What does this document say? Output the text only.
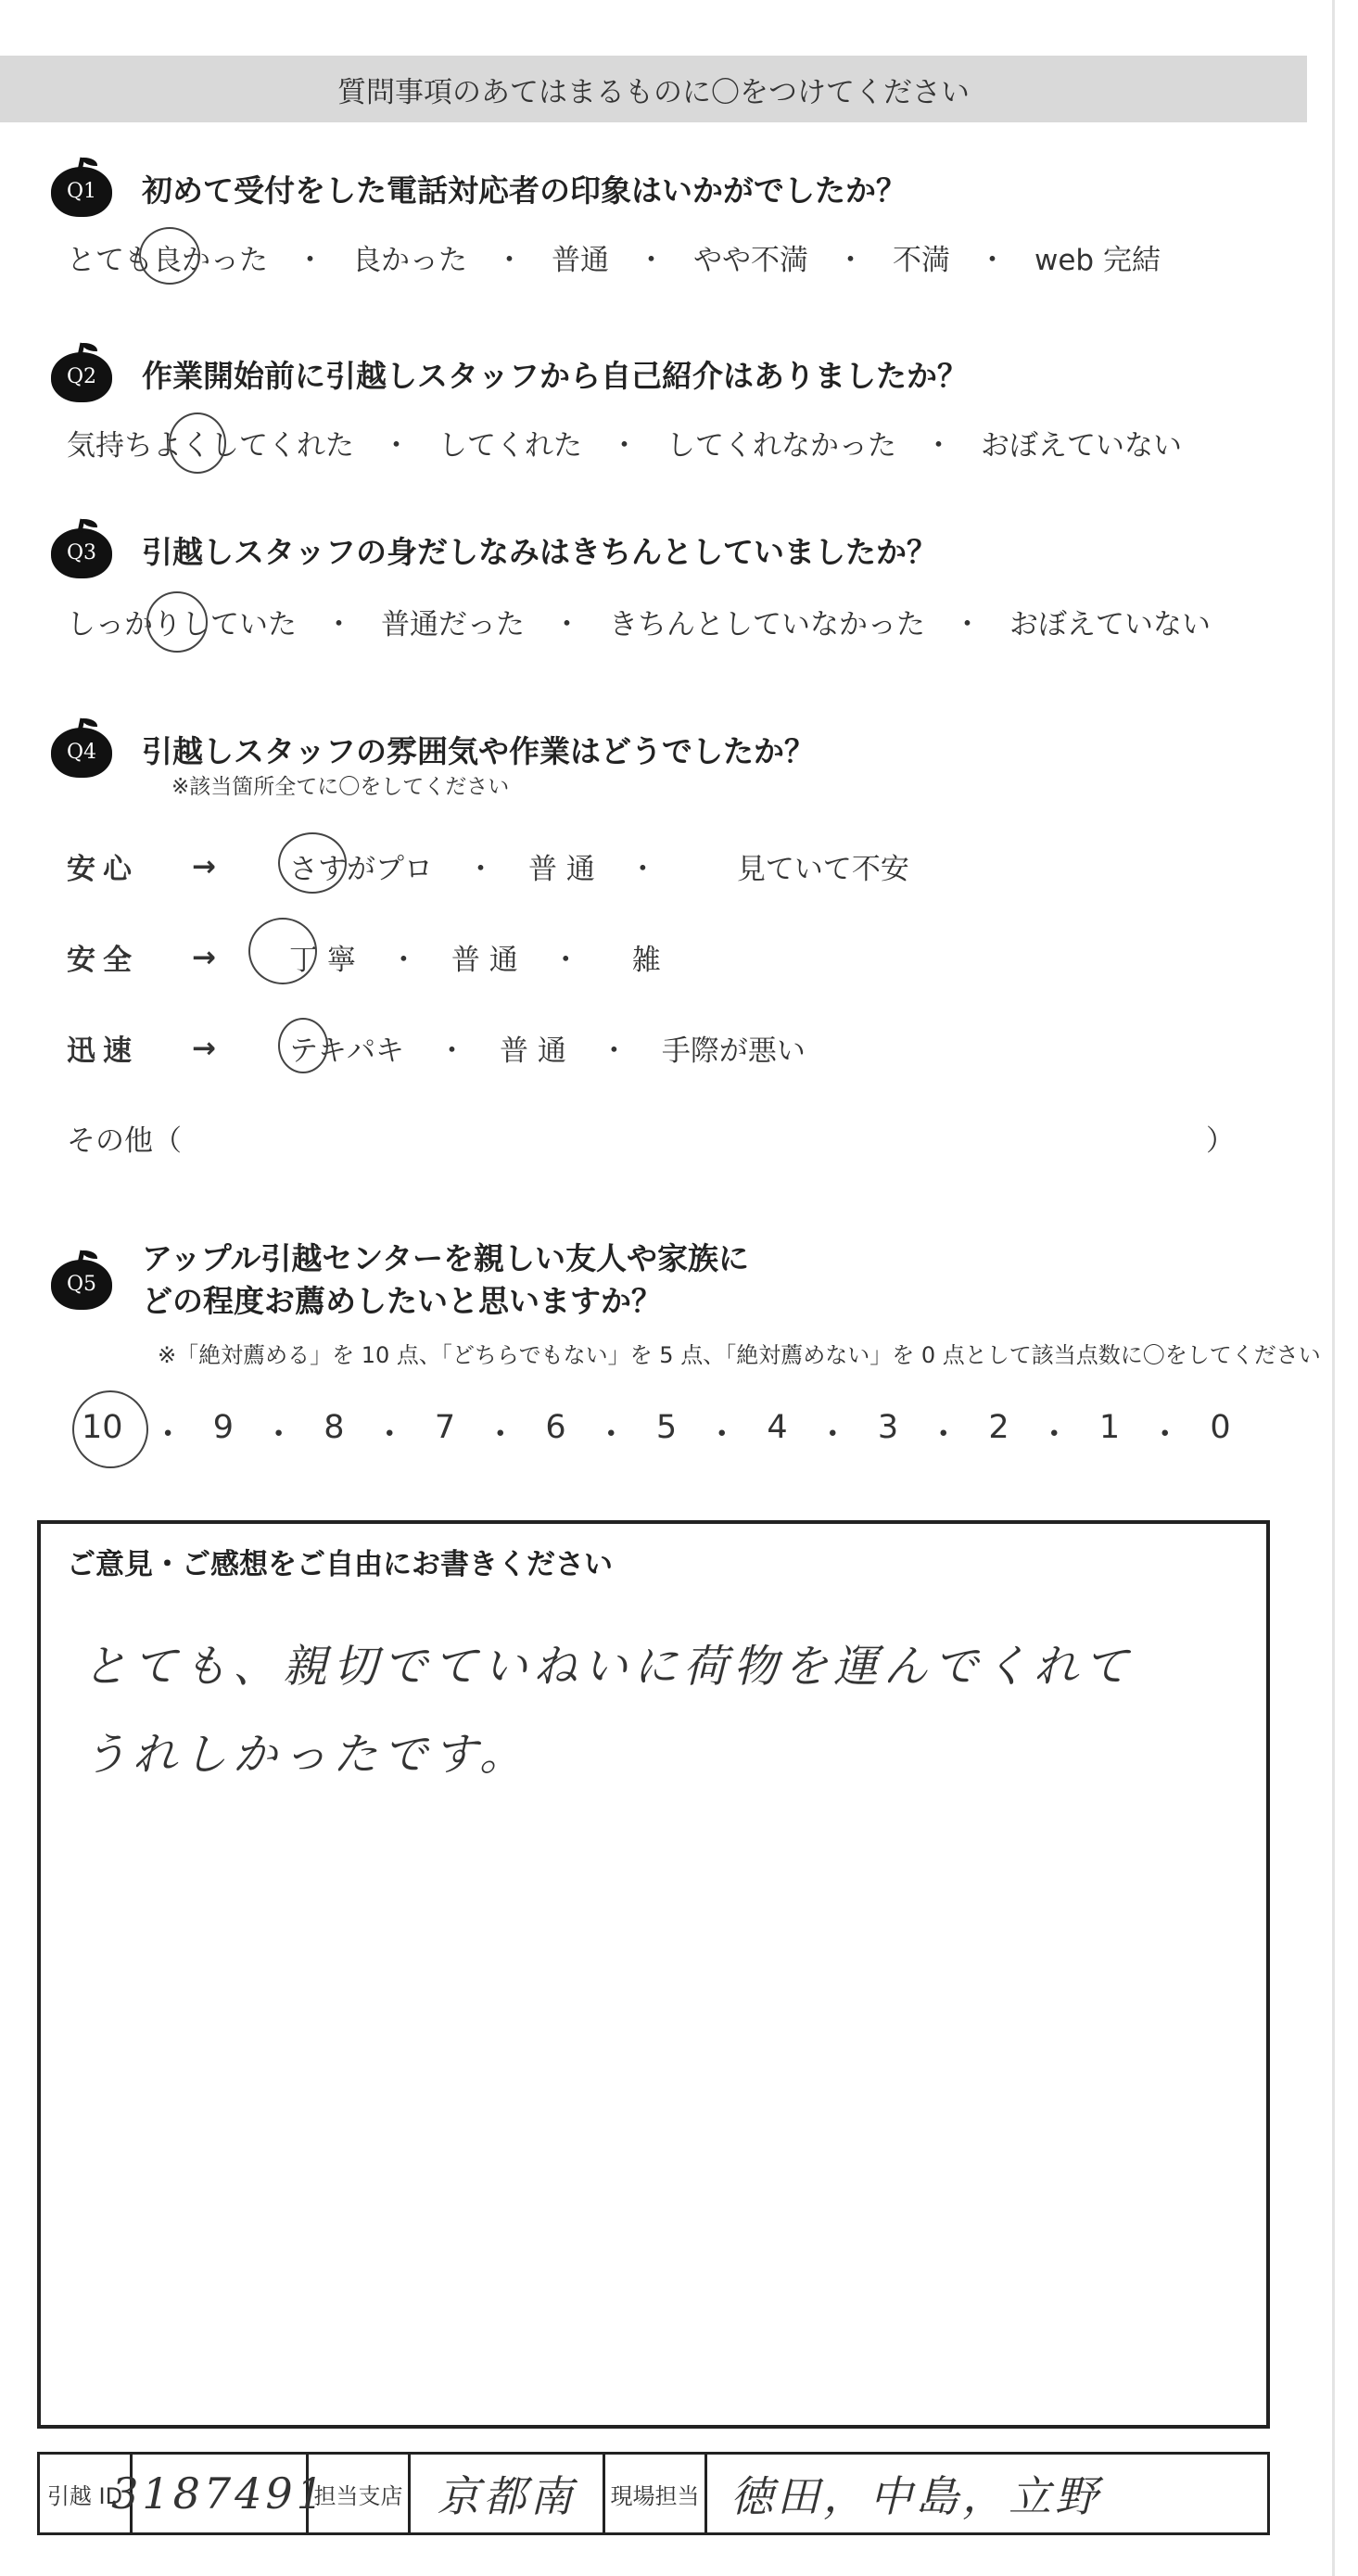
質問事項のあてはまるものに〇をつけてください
Q1	初めて受付をした電話対応者の印象はいかがでしたか？
とても良かった ・ 良かった ・ 普通 ・ やや不満 ・ 不満 ・ web 完結
Q2	作業開始前に引越しスタッフから自己紹介はありましたか？
気持ちよくしてくれた ・ してくれた ・ してくれなかった ・ おぼえていない
Q3	引越しスタッフの身だしなみはきちんとしていましたか？
しっかりしていた ・ 普通だった ・ きちんとしていなかった ・ おぼえていない
Q4	引越しスタッフの雰囲気や作業はどうでしたか？
※該当箇所全てに〇をしてください
安心	→	さすがプロ ・ 普 通 ・	見ていて不安
安全	→	丁 寧 ・ 普 通 ・ 雑
迅速	→	テキパキ ・ 普 通 ・ 手際が悪い
その他（	）
Q5
アップル引越センターを親しい友人や家族に
どの程度お薦めしたいと思いますか？
※「絶対薦める」を 10 点、「どちらでもない」を 5 点、「絶対薦めない」を 0 点として該当点数に〇をしてください
10 ・ 9 ・ 8 ・ 7 ・ 6 ・ 5 ・ 4 ・ 3 ・ 2 ・ 1 ・ 0
ご意見・ご感想をご自由にお書きください
とても、親切でていねいに荷物を運んでくれて
うれしかったです。
引越 ID
3187491
担当支店 京都南 現場担当 徳田，中島，立野
